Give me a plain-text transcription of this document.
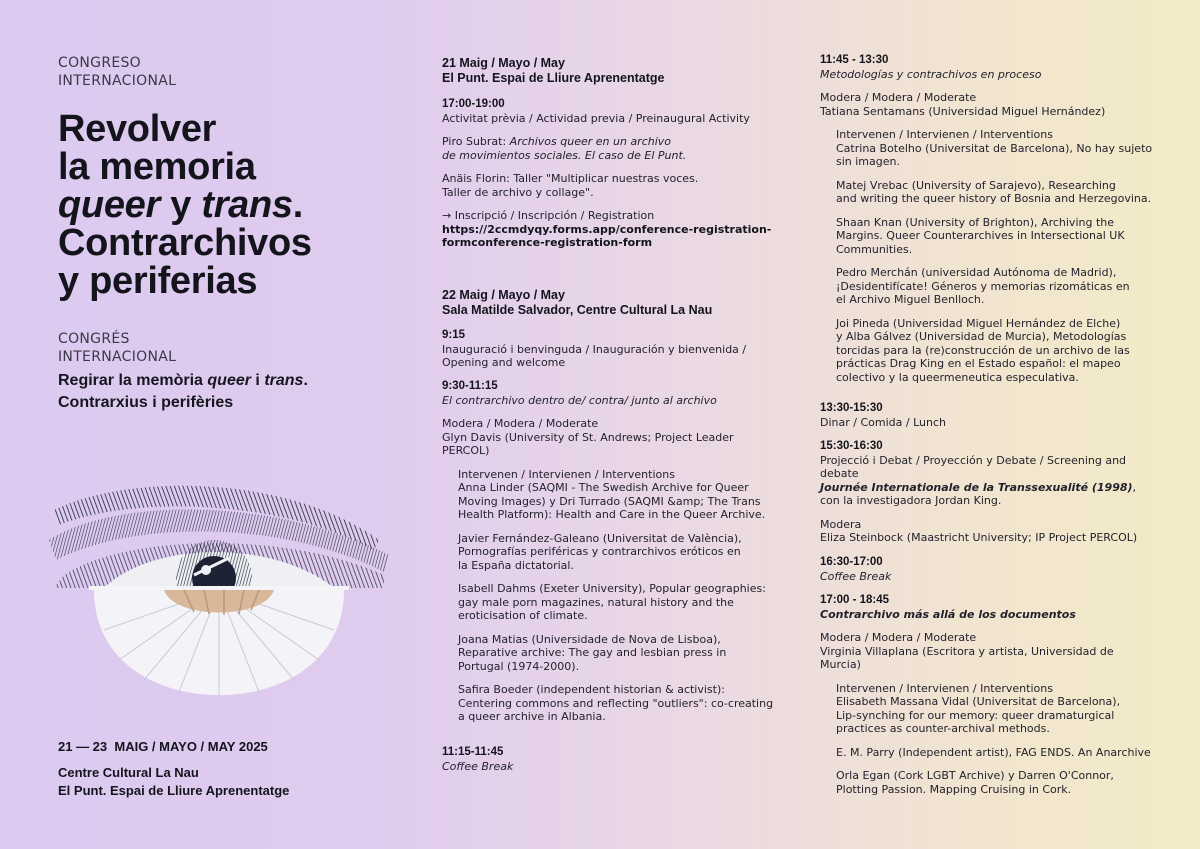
CONGRESO
INTERNACIONAL
Revolver
la memoria
queer y trans.
Contrarchivos
y periferias
CONGRÉS
INTERNACIONAL
Regirar la memòria queer i trans.
Contrarxius i perifèries
21 — 23  MAIG / MAYO / MAY 2025
Centre Cultural La Nau
El Punt. Espai de Lliure Aprenentatge
21 Maig / Mayo / May
El Punt. Espai de Lliure Aprenentatge
17:00-19:00
Activitat prèvia / Actividad previa / Preinaugural Activity
Piro Subrat: Archivos queer en un archivo
de movimientos sociales. El caso de El Punt.
Anäis Florin: Taller "Multiplicar nuestras voces.
Taller de archivo y collage".
→ Inscripció / Inscripción / Registration
https://2ccmdyqy.forms.app/conference-registration-
formconference-registration-form
22 Maig / Mayo / May
Sala Matilde Salvador, Centre Cultural La Nau
9:15
Inauguració i benvinguda / Inauguración y bienvenida /
Opening and welcome
9:30-11:15
El contrarchivo dentro de/ contra/ junto al archivo
Modera / Modera / Moderate
Glyn Davis (University of St. Andrews; Project Leader
PERCOL)
Intervenen / Intervienen / Interventions
Anna Linder (SAQMI - The Swedish Archive for Queer
Moving Images) y Dri Turrado (SAQMI &amp; The Trans
Health Platform): Health and Care in the Queer Archive.
Javier Fernández-Galeano (Universitat de València),
Pornografías periféricas y contrarchivos eróticos en
la España dictatorial.
Isabell Dahms (Exeter University), Popular geographies:
gay male porn magazines, natural history and the
eroticisation of climate.
Joana Matias (Universidade de Nova de Lisboa),
Reparative archive: The gay and lesbian press in
Portugal (1974-2000).
Safira Boeder (independent historian & activist):
Centering commons and reflecting "outliers": co-creating
a queer archive in Albania.
11:15-11:45
Coffee Break
11:45 - 13:30
Metodologías y contrachivos en proceso
Modera / Modera / Moderate
Tatiana Sentamans (Universidad Miguel Hernández)
Intervenen / Intervienen / Interventions
Catrina Botelho (Universitat de Barcelona), No hay sujeto
sin imagen.
Matej Vrebac (University of Sarajevo), Researching
and writing the queer history of Bosnia and Herzegovina.
Shaan Knan (University of Brighton), Archiving the
Margins. Queer Counterarchives in Intersectional UK
Communities.
Pedro Merchán (universidad Autónoma de Madrid),
¡Desidentifícate! Géneros y memorias rizomáticas en
el Archivo Miguel Benlloch.
Joi Pineda (Universidad Miguel Hernández de Elche)
y Alba Gálvez (Universidad de Murcia), Metodologías
torcidas para la (re)construcción de un archivo de las
prácticas Drag King en el Estado español: el mapeo
colectivo y la queermeneutica especulativa.
13:30-15:30
Dinar / Comida / Lunch
15:30-16:30
Projecció i Debat / Proyección y Debate / Screening and
debate
Journée Internationale de la Transsexualité (1998),
con la investigadora Jordan King.
Modera
Eliza Steinbock (Maastricht University; IP Project PERCOL)
16:30-17:00
Coffee Break
17:00 - 18:45
Contrarchivo más allá de los documentos
Modera / Modera / Moderate
Virginia Villaplana (Escritora y artista, Universidad de
Murcia)
Intervenen / Intervienen / Interventions
Elisabeth Massana Vidal (Universitat de Barcelona),
Lip-synching for our memory: queer dramaturgical
practices as counter-archival methods.
E. M. Parry (Independent artist), FAG ENDS. An Anarchive
Orla Egan (Cork LGBT Archive) y Darren O'Connor,
Plotting Passion. Mapping Cruising in Cork.
